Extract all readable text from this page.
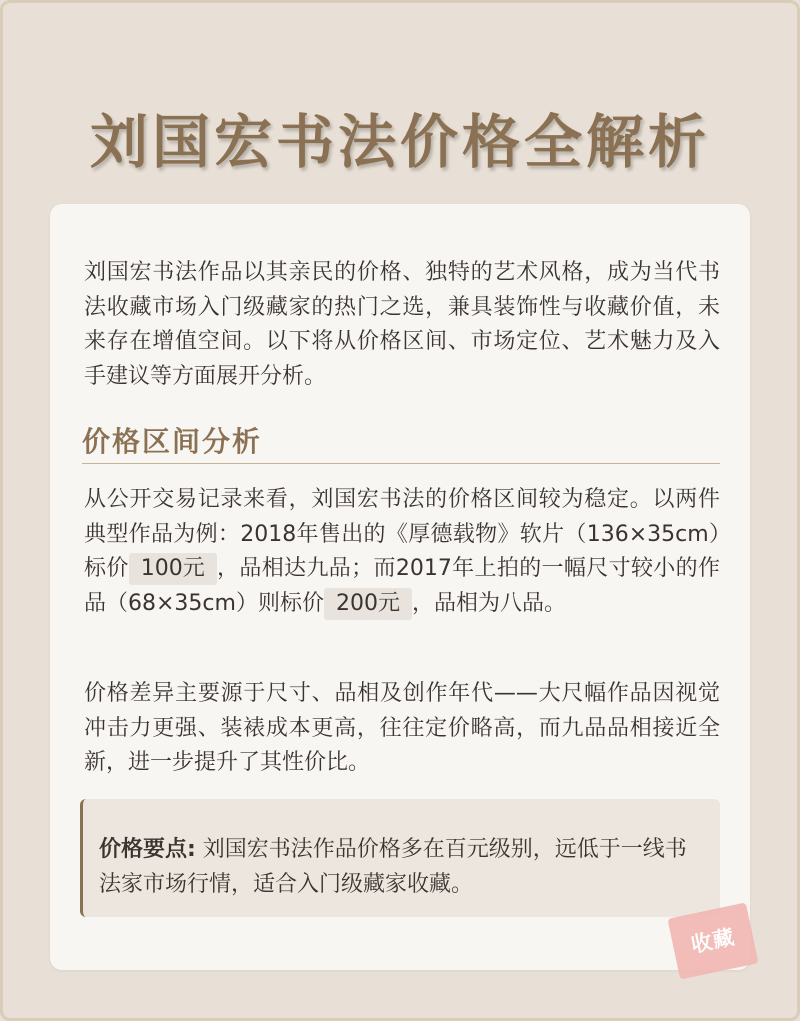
刘国宏书法价格全解析

刘国宏书法作品以其亲民的价格、独特的艺术风格，成为当代书法收藏市场入门级藏家的热门之选，兼具装饰性与收藏价值，未来存在增值空间。以下将从价格区间、市场定位、艺术魅力及入手建议等方面展开分析。

价格区间分析

从公开交易记录来看，刘国宏书法的价格区间较为稳定。以两件典型作品为例：2018年售出的《厚德载物》软片（136×35cm）标价 100元 ，品相达九品；而2017年上拍的一幅尺寸较小的作品（68×35cm）则标价 200元 ，品相为八品。

价格差异主要源于尺寸、品相及创作年代——大尺幅作品因视觉冲击力更强、装裱成本更高，往往定价略高，而九品品相接近全新，进一步提升了其性价比。

价格要点: 刘国宏书法作品价格多在百元级别，远低于一线书法家市场行情，适合入门级藏家收藏。

收藏
